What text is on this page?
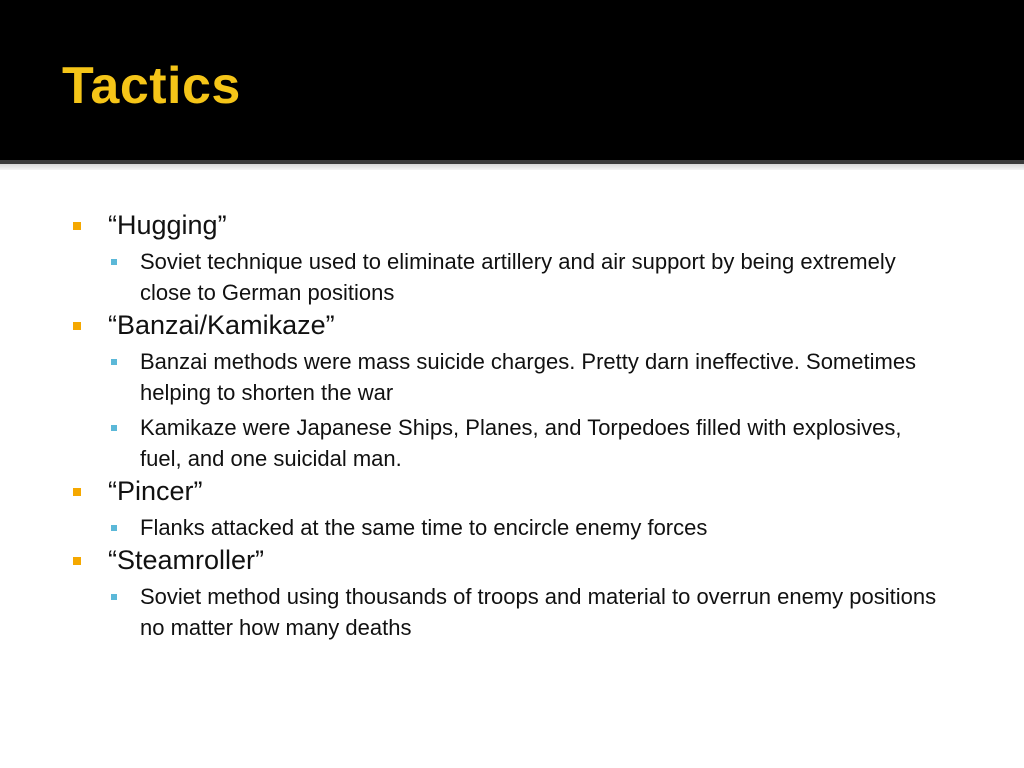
Tactics
“Hugging”
Soviet technique used to eliminate artillery and air support by being extremely close to German positions
“Banzai/Kamikaze”
Banzai methods were mass suicide charges. Pretty darn ineffective. Sometimes helping to shorten the war
Kamikaze were Japanese Ships, Planes, and Torpedoes filled with explosives, fuel, and one suicidal man.
“Pincer”
Flanks attacked at the same time to encircle enemy forces
“Steamroller”
Soviet method using thousands of troops and material to overrun enemy positions no matter how many deaths
